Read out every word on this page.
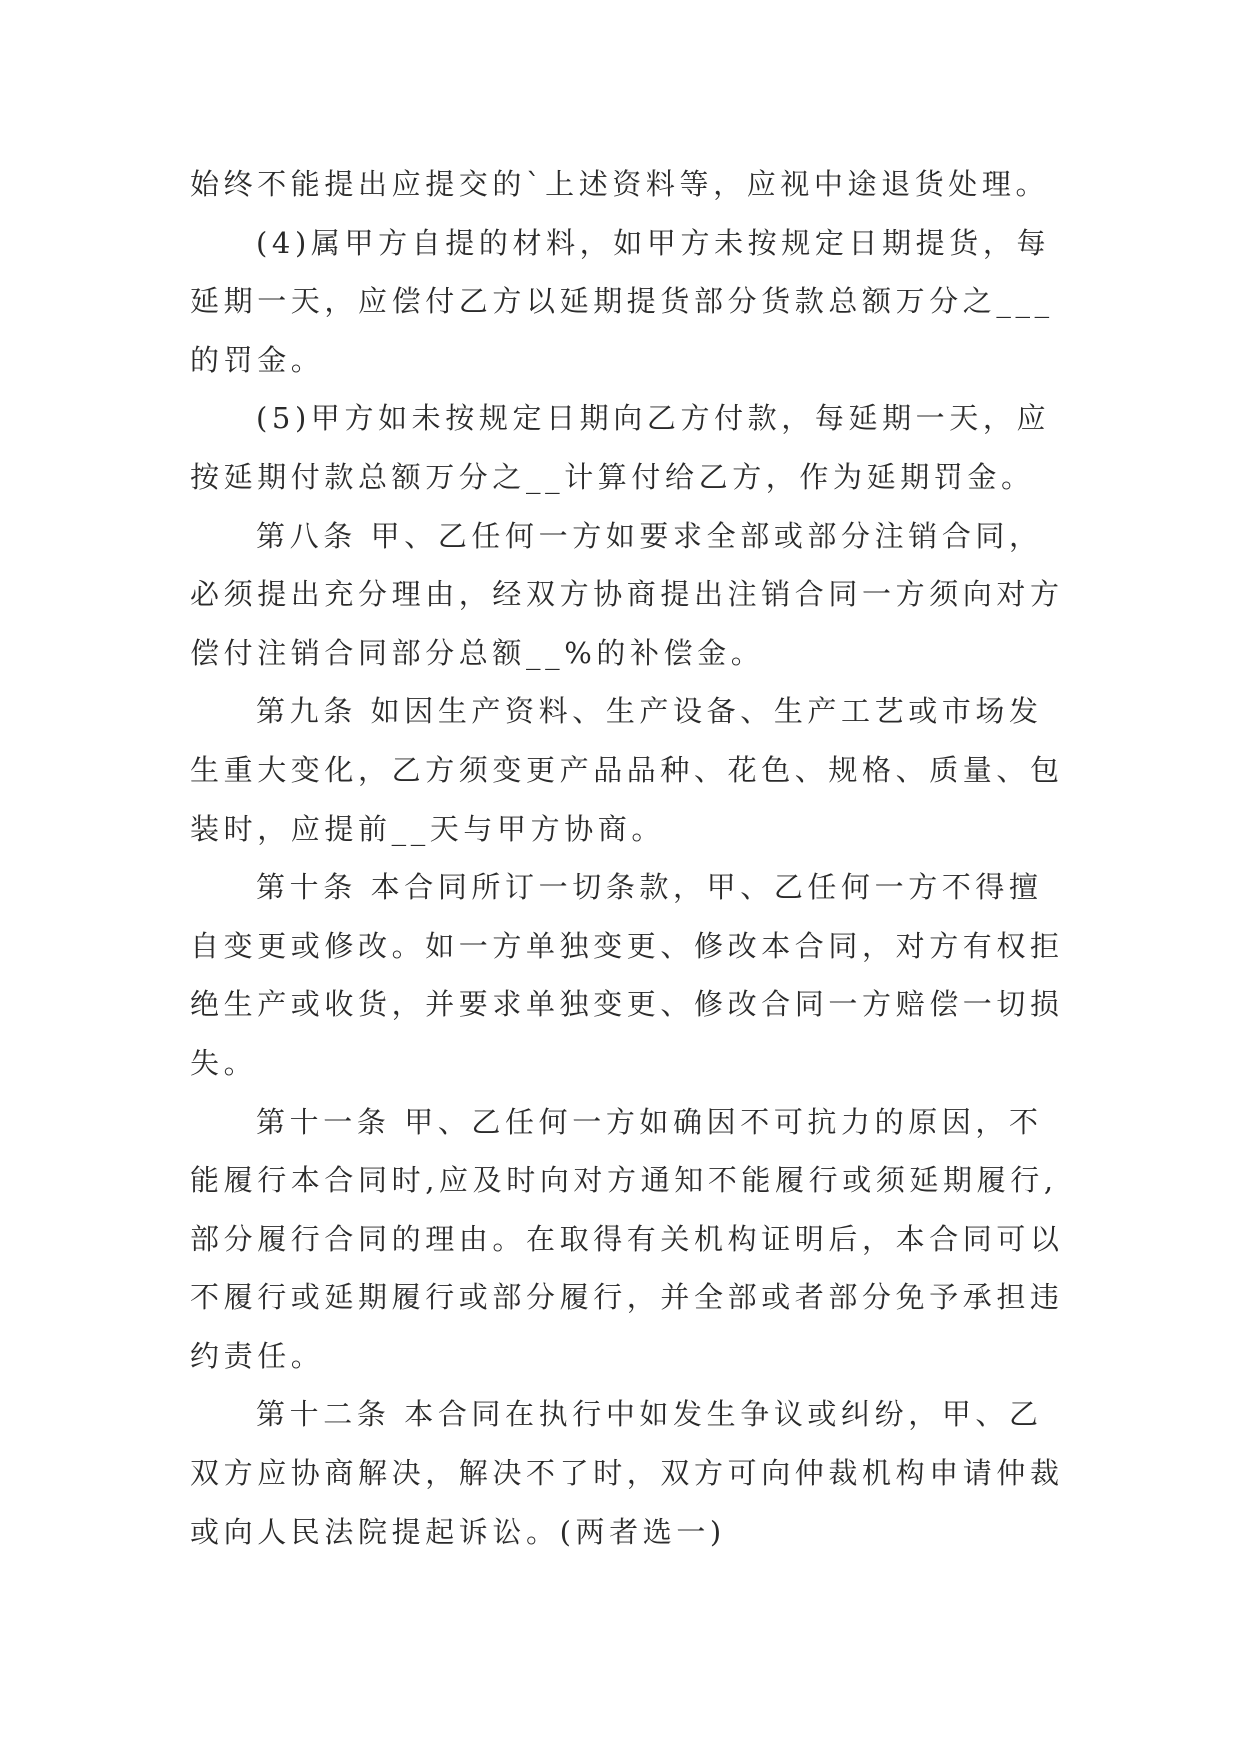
始终不能提出应提交的`上述资料等，应视中途退货处理。
(4)属甲方自提的材料，如甲方未按规定日期提货，每
延期一天，应偿付乙方以延期提货部分货款总额万分之___
的罚金。
(5)甲方如未按规定日期向乙方付款，每延期一天，应
按延期付款总额万分之__计算付给乙方，作为延期罚金。
第八条 甲、乙任何一方如要求全部或部分注销合同，
必须提出充分理由，经双方协商提出注销合同一方须向对方
偿付注销合同部分总额__%的补偿金。
第九条 如因生产资料、生产设备、生产工艺或市场发
生重大变化，乙方须变更产品品种、花色、规格、质量、包
装时，应提前__天与甲方协商。
第十条 本合同所订一切条款，甲、乙任何一方不得擅
自变更或修改。如一方单独变更、修改本合同，对方有权拒
绝生产或收货，并要求单独变更、修改合同一方赔偿一切损
失。
第十一条 甲、乙任何一方如确因不可抗力的原因，不
能履行本合同时,应及时向对方通知不能履行或须延期履行,
部分履行合同的理由。在取得有关机构证明后，本合同可以
不履行或延期履行或部分履行，并全部或者部分免予承担违
约责任。
第十二条 本合同在执行中如发生争议或纠纷，甲、乙
双方应协商解决，解决不了时，双方可向仲裁机构申请仲裁
或向人民法院提起诉讼。(两者选一)
